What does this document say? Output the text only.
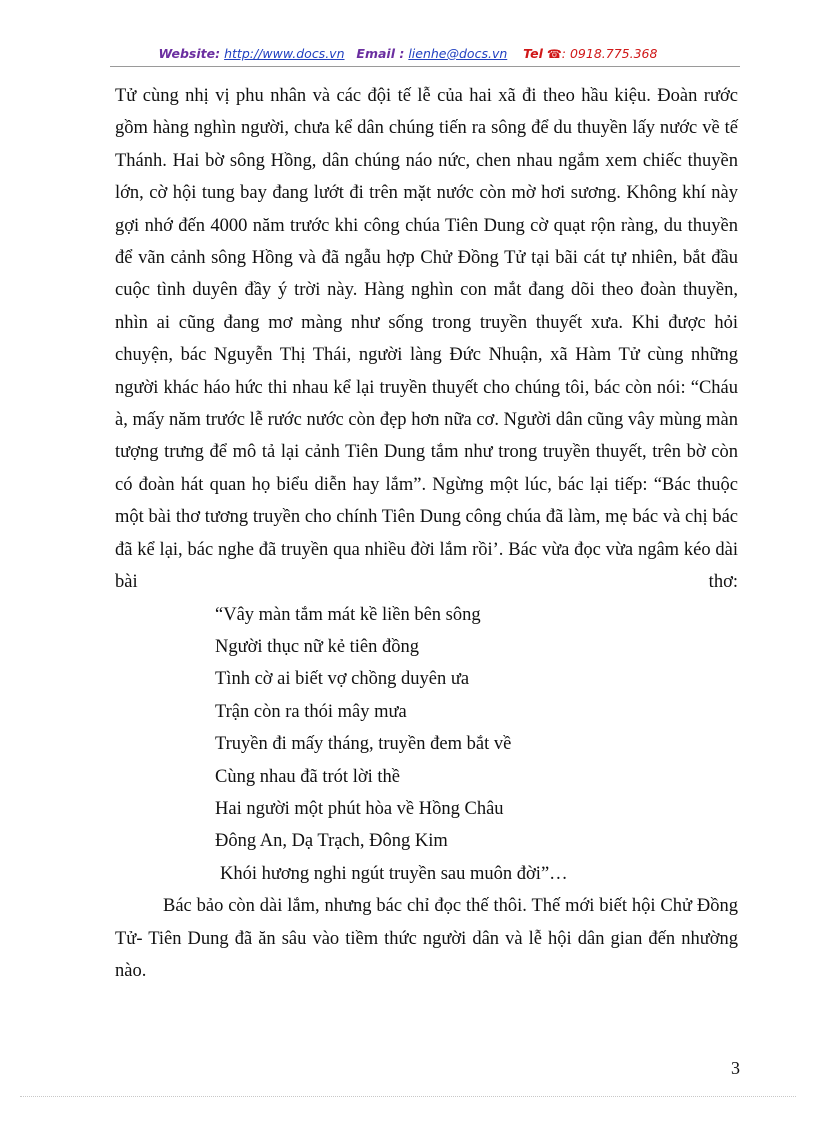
Website: http://www.docs.vn Email : lienhe@docs.vn Tel ☎: 0918.775.368

Tử cùng nhị vị phu nhân và các đội tế lễ của hai xã đi theo hầu kiệu. Đoàn rước gồm hàng nghìn người, chưa kể dân chúng tiến ra sông để du thuyền lấy nước về tế Thánh. Hai bờ sông Hồng, dân chúng náo nức, chen nhau ngắm xem chiếc thuyền lớn, cờ hội tung bay đang lướt đi trên mặt nước còn mờ hơi sương. Không khí này gợi nhớ đến 4000 năm trước khi công chúa Tiên Dung cờ quạt rộn ràng, du thuyền để vãn cảnh sông Hồng và đã ngẫu hợp Chử Đồng Tử tại bãi cát tự nhiên, bắt đầu cuộc tình duyên đầy ý trời này. Hàng nghìn con mắt đang dõi theo đoàn thuyền, nhìn ai cũng đang mơ màng như sống trong truyền thuyết xưa. Khi được hỏi chuyện, bác Nguyễn Thị Thái, người làng Đức Nhuận, xã Hàm Tử cùng những người khác háo hức thi nhau kể lại truyền thuyết cho chúng tôi, bác còn nói: “Cháu à, mấy năm trước lễ rước nước còn đẹp hơn nữa cơ. Người dân cũng vây mùng màn tượng trưng để mô tả lại cảnh Tiên Dung tắm như trong truyền thuyết, trên bờ còn có đoàn hát quan họ biểu diễn hay lắm”. Ngừng một lúc, bác lại tiếp: “Bác thuộc một bài thơ tương truyền cho chính Tiên Dung công chúa đã làm, mẹ bác và chị bác đã kể lại, bác nghe đã truyền qua nhiều đời lắm rồi’. Bác vừa đọc vừa ngâm kéo dài bài thơ:

“Vây màn tắm mát kề liền bên sông
Người thục nữ kẻ tiên đồng
Tình cờ ai biết vợ chồng duyên ưa
Trận còn ra thói mây mưa
Truyền đi mấy tháng, truyền đem bắt về
Cùng nhau đã trót lời thề
Hai người một phút hòa về Hồng Châu
Đông An, Dạ Trạch, Đông Kim
Khói hương nghi ngút truyền sau muôn đời”…

Bác bảo còn dài lắm, nhưng bác chỉ đọc thế thôi. Thế mới biết hội Chử Đồng Tử- Tiên Dung đã ăn sâu vào tiềm thức người dân và lễ hội dân gian đến nhường nào.

3
